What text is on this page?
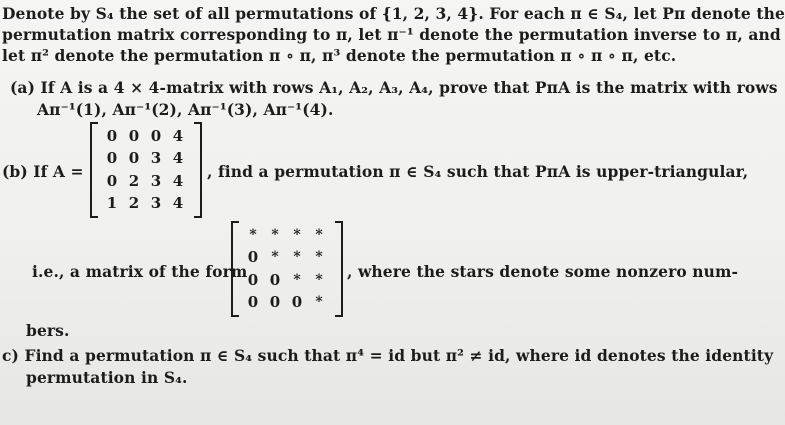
Denote by S₄ the set of all permutations of {1, 2, 3, 4}. For each π ∈ S₄, let Pπ denote the
permutation matrix corresponding to π, let π⁻¹ denote the permutation inverse to π, and
let π² denote the permutation π ∘ π, π³ denote the permutation π ∘ π ∘ π, etc.
(a) If A is a 4 × 4-matrix with rows A₁, A₂, A₃, A₄, prove that PπA is the matrix with rows
Aπ⁻¹(1), Aπ⁻¹(2), Aπ⁻¹(3), Aπ⁻¹(4).
(b) If A =
0 0 0 4
0 0 3 4
0 2 3 4
1 2 3 4
, find a permutation π ∈ S₄ such that PπA is upper-triangular,
i.e., a matrix of the form
*	*	*	*
0 *	*	*
0 0 *	*
0 0 0 *
, where the stars denote some nonzero num-
bers.
c) Find a permutation π ∈ S₄ such that π⁴ = id but π² ≠ id, where id denotes the identity
permutation in S₄.
